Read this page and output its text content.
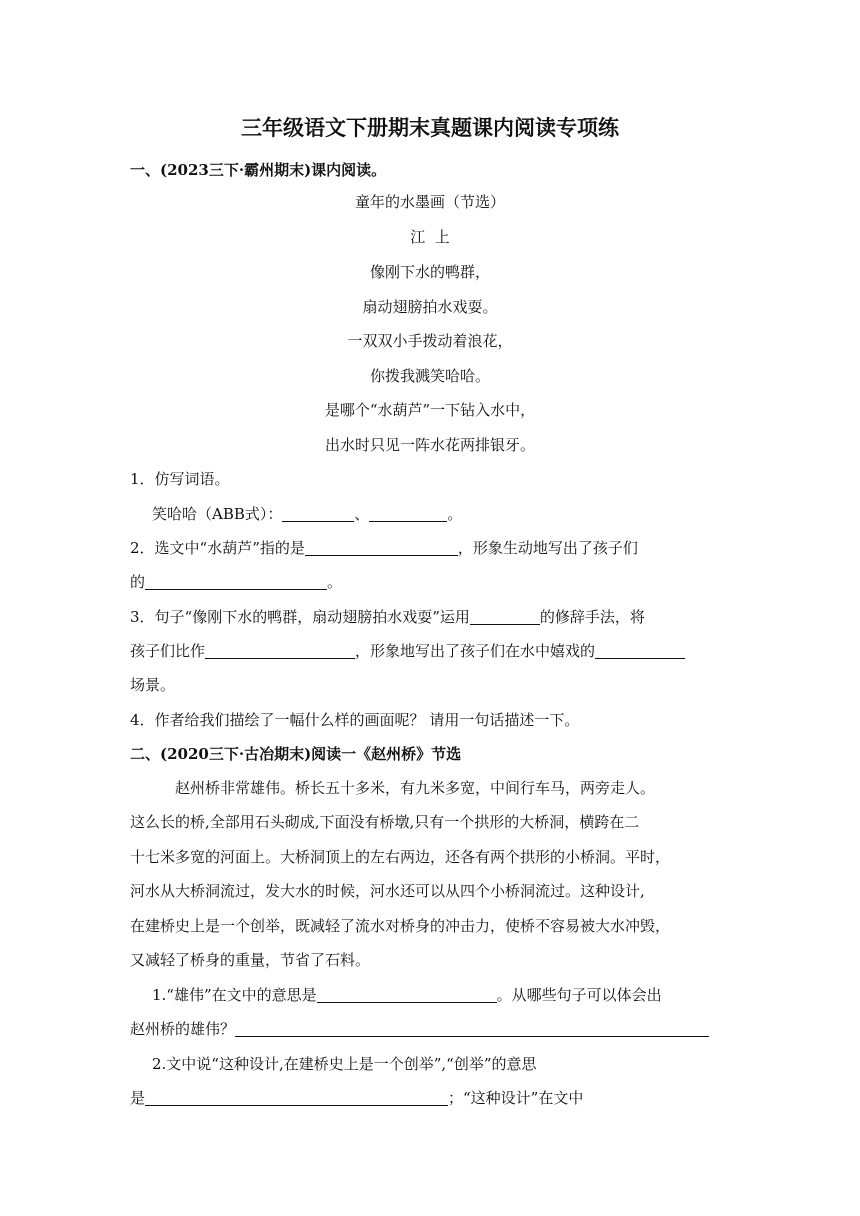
三年级语文下册期末真题课内阅读专项练
一、(2023三下·霸州期末)课内阅读。
童年的水墨画（节选）
江  上
像刚下水的鸭群，
扇动翅膀拍水戏耍。
一双双小手拨动着浪花，
你拨我溅笑哈哈。
是哪个“水葫芦”一下钻入水中，
出水时只见一阵水花两排银牙。
1．仿写词语。
笑哈哈（ABB式）：	、	。
2．选文中“水葫芦”指的是	，形象生动地写出了孩子们
的	。
3．句子“像刚下水的鸭群，扇动翅膀拍水戏耍”运用	的修辞手法，将
孩子们比作	，形象地写出了孩子们在水中嬉戏的
场景。
4．作者给我们描绘了一幅什么样的画面呢？ 请用一句话描述一下。
二、(2020三下·古冶期末)阅读一《赵州桥》节选
赵州桥非常雄伟。桥长五十多米，有九米多宽，中间行车马，两旁走人。
这么长的桥,全部用石头砌成,下面没有桥墩,只有一个拱形的大桥洞，横跨在二
十七米多宽的河面上。大桥洞顶上的左右两边，还各有两个拱形的小桥洞。平时，
河水从大桥洞流过，发大水的时候，河水还可以从四个小桥洞流过。这种设计,
在建桥史上是一个创举，既减轻了流水对桥身的冲击力，使桥不容易被大水冲毁，
又减轻了桥身的重量，节省了石料。
1.“雄伟”在文中的意思是	。从哪些句子可以体会出
赵州桥的雄伟？
2.文中说“这种设计,在建桥史上是一个创举”,“创举”的意思
是	；“这种设计”在文中
